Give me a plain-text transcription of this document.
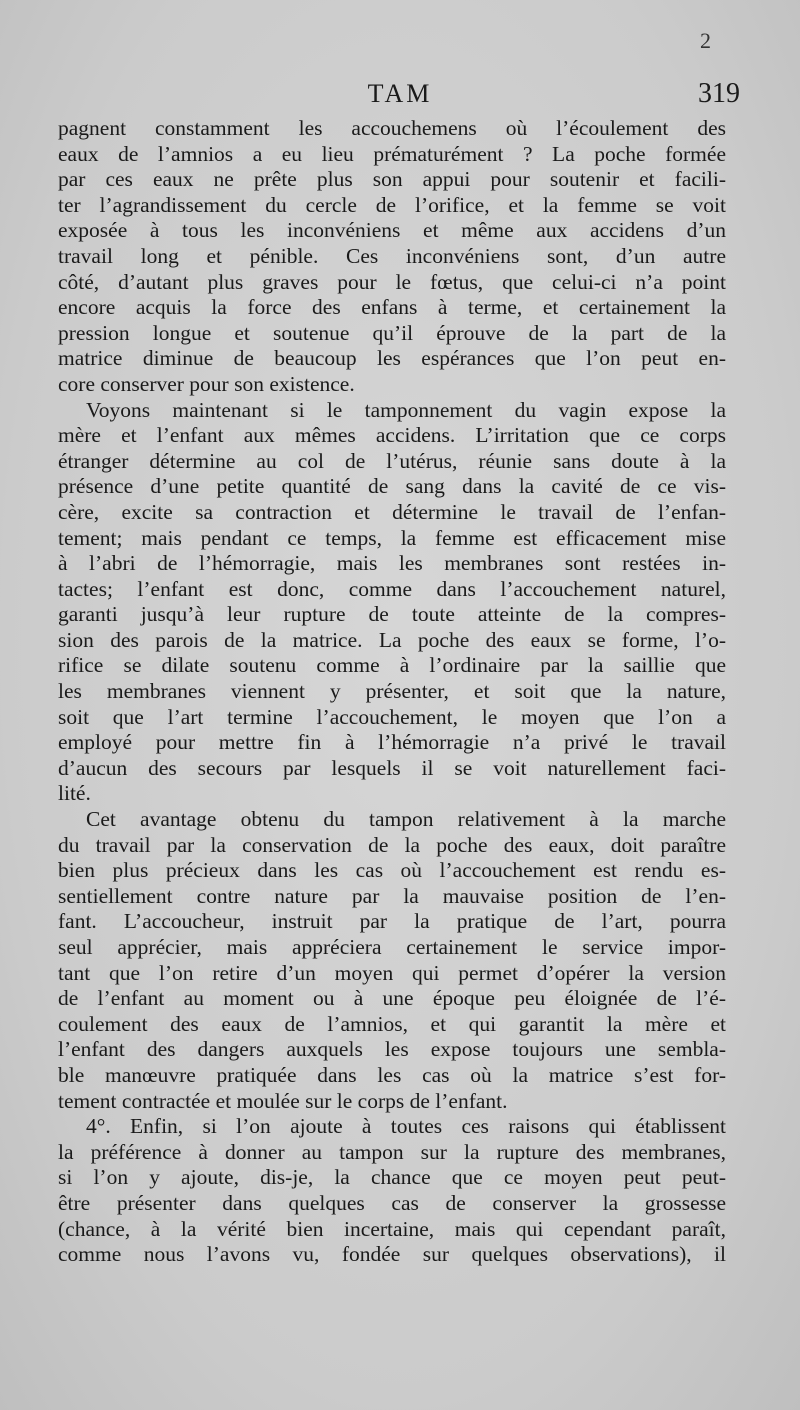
2
TAM	319
pagnent constamment les accouchemens où l’écoulement des
eaux de l’amnios a eu lieu prématurément ? La poche formée
par ces eaux ne prête plus son appui pour soutenir et facili-
ter l’agrandissement du cercle de l’orifice, et la femme se voit
exposée à tous les inconvéniens et même aux accidens d’un
travail long et pénible. Ces inconvéniens sont, d’un autre
côté, d’autant plus graves pour le fœtus, que celui-ci n’a point
encore acquis la force des enfans à terme, et certainement la
pression longue et soutenue qu’il éprouve de la part de la
matrice diminue de beaucoup les espérances que l’on peut en-
core conserver pour son existence.
Voyons maintenant si le tamponnement du vagin expose la
mère et l’enfant aux mêmes accidens. L’irritation que ce corps
étranger détermine au col de l’utérus, réunie sans doute à la
présence d’une petite quantité de sang dans la cavité de ce vis-
cère, excite sa contraction et détermine le travail de l’enfan-
tement; mais pendant ce temps, la femme est efficacement mise
à l’abri de l’hémorragie, mais les membranes sont restées in-
tactes; l’enfant est donc, comme dans l’accouchement naturel,
garanti jusqu’à leur rupture de toute atteinte de la compres-
sion des parois de la matrice. La poche des eaux se forme, l’o-
rifice se dilate soutenu comme à l’ordinaire par la saillie que
les membranes viennent y présenter, et soit que la nature,
soit que l’art termine l’accouchement, le moyen que l’on a
employé pour mettre fin à l’hémorragie n’a privé le travail
d’aucun des secours par lesquels il se voit naturellement faci-
lité.
Cet avantage obtenu du tampon relativement à la marche
du travail par la conservation de la poche des eaux, doit paraître
bien plus précieux dans les cas où l’accouchement est rendu es-
sentiellement contre nature par la mauvaise position de l’en-
fant. L’accoucheur, instruit par la pratique de l’art, pourra
seul apprécier, mais appréciera certainement le service impor-
tant que l’on retire d’un moyen qui permet d’opérer la version
de l’enfant au moment ou à une époque peu éloignée de l’é-
coulement des eaux de l’amnios, et qui garantit la mère et
l’enfant des dangers auxquels les expose toujours une sembla-
ble manœuvre pratiquée dans les cas où la matrice s’est for-
tement contractée et moulée sur le corps de l’enfant.
4°. Enfin, si l’on ajoute à toutes ces raisons qui établissent
la préférence à donner au tampon sur la rupture des membranes,
si l’on y ajoute, dis-je, la chance que ce moyen peut peut-
être présenter dans quelques cas de conserver la grossesse
(chance, à la vérité bien incertaine, mais qui cependant paraît,
comme nous l’avons vu, fondée sur quelques observations), il
